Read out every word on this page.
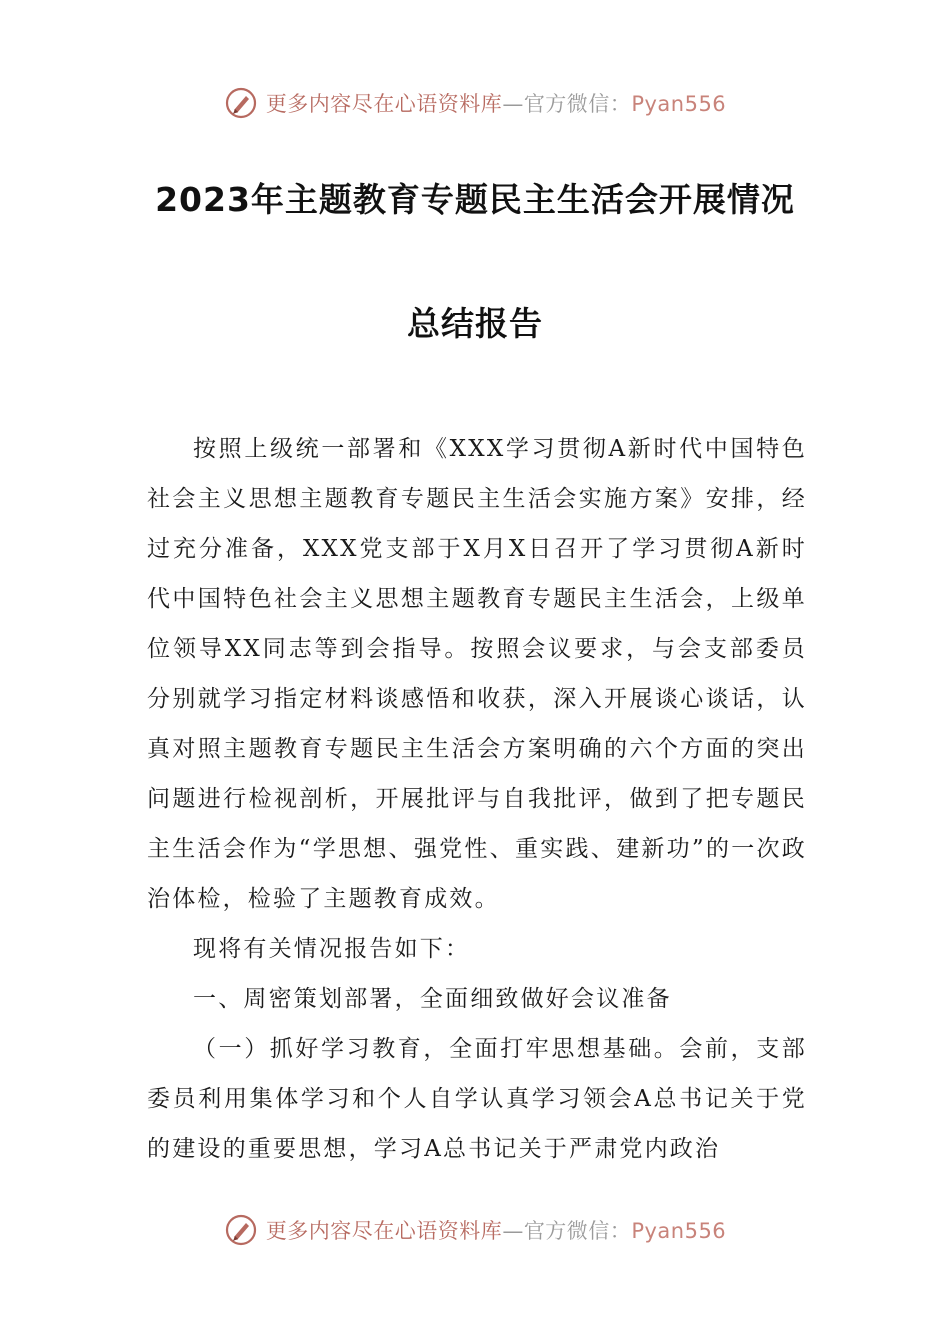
更多内容尽在心语资料库—官方微信：Pyan556
2023年主题教育专题民主生活会开展情况
总结报告

按照上级统一部署和《XXX学习贯彻A新时代中国特色社会主义思想主题教育专题民主生活会实施方案》安排，经过充分准备，XXX党支部于X月X日召开了学习贯彻A新时代中国特色社会主义思想主题教育专题民主生活会，上级单位领导XX同志等到会指导。按照会议要求，与会支部委员分别就学习指定材料谈感悟和收获，深入开展谈心谈话，认真对照主题教育专题民主生活会方案明确的六个方面的突出问题进行检视剖析，开展批评与自我批评，做到了把专题民主生活会作为“学思想、强党性、重实践、建新功”的一次政治体检，检验了主题教育成效。

现将有关情况报告如下：

一、周密策划部署，全面细致做好会议准备

（一）抓好学习教育，全面打牢思想基础。会前，支部委员利用集体学习和个人自学认真学习领会A总书记关于党的建设的重要思想，学习A总书记关于严肃党内政治

更多内容尽在心语资料库—官方微信：Pyan556
